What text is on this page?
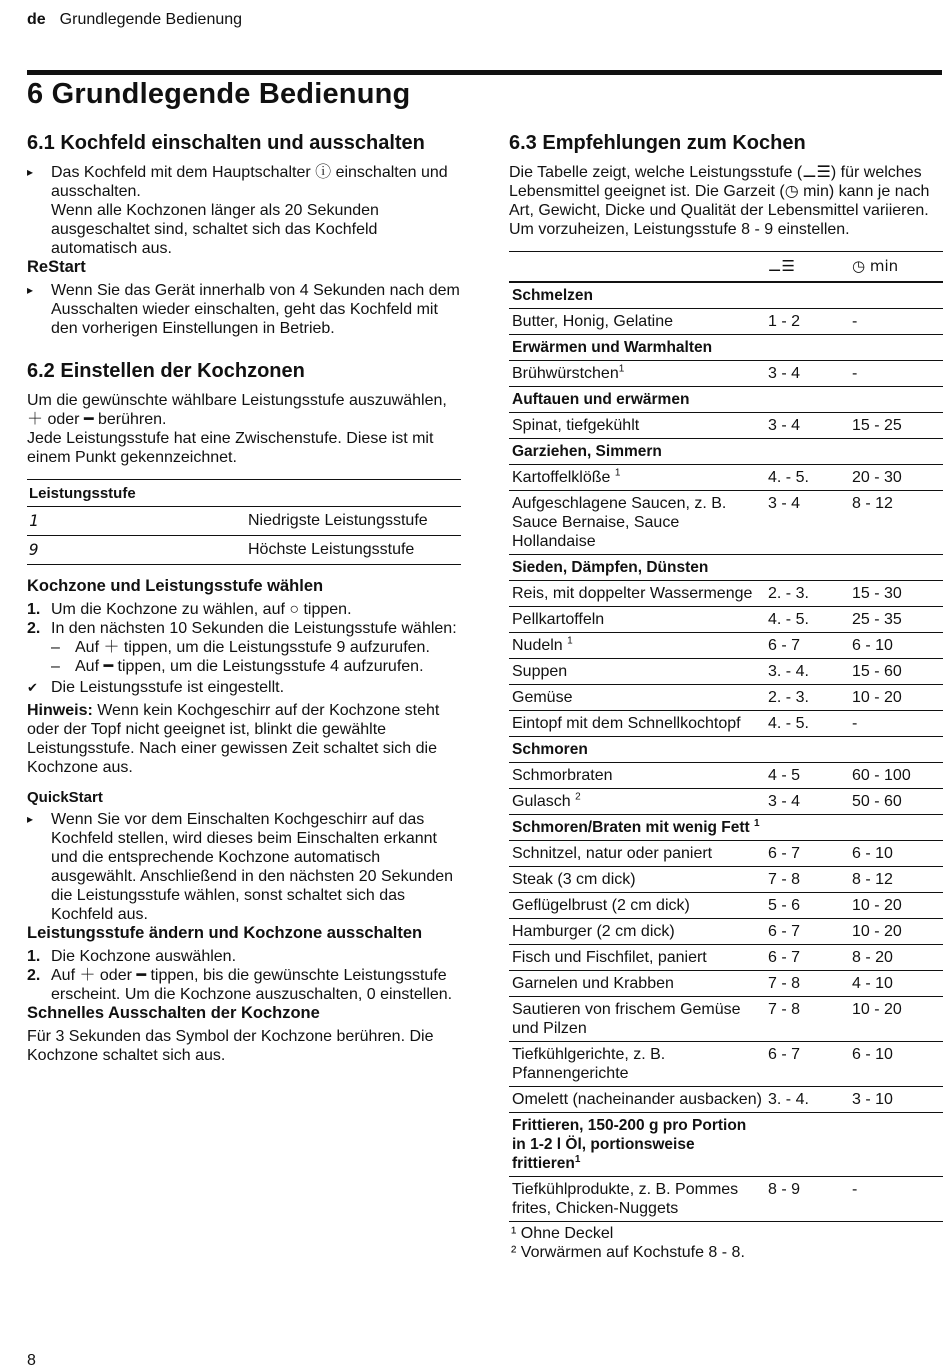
de Grundlegende Bedienung
6 Grundlegende Bedienung
6.1 Kochfeld einschalten und ausschalten
▸ Das Kochfeld mit dem Hauptschalter ⓘ einschalten und ausschalten.
Wenn alle Kochzonen länger als 20 Sekunden ausgeschaltet sind, schaltet sich das Kochfeld automatisch aus.
ReStart
▸ Wenn Sie das Gerät innerhalb von 4 Sekunden nach dem Ausschalten wieder einschalten, geht das Kochfeld mit den vorherigen Einstellungen in Betrieb.
6.2 Einstellen der Kochzonen

Um die gewünschte wählbare Leistungsstufe auszuwählen, ＋ oder ━ berühren.

Jede Leistungsstufe hat eine Zwischenstufe. Diese ist mit einem Punkt gekennzeichnet.

Leistungsstufe	
1	Niedrigste Leistungsstufe
9	Höchste Leistungsstufe
Kochzone und Leistungsstufe wählen
1. Um die Kochzone zu wählen, auf ○ tippen.
2. In den nächsten 10 Sekunden die Leistungsstufe wählen:
– Auf ＋ tippen, um die Leistungsstufe 9 aufzurufen.
– Auf ━ tippen, um die Leistungsstufe 4 aufzurufen.
✔ Die Leistungsstufe ist eingestellt.

Hinweis: Wenn kein Kochgeschirr auf der Kochzone steht oder der Topf nicht geeignet ist, blinkt die gewählte Leistungsstufe. Nach einer gewissen Zeit schaltet sich die Kochzone aus.

QuickStart
▸ Wenn Sie vor dem Einschalten Kochgeschirr auf das Kochfeld stellen, wird dieses beim Einschalten erkannt und die entsprechende Kochzone automatisch ausgewählt. Anschließend in den nächsten 20 Sekunden die Leistungsstufe wählen, sonst schaltet sich das Kochfeld aus.
Leistungsstufe ändern und Kochzone ausschalten
1. Die Kochzone auswählen.
2. Auf ＋ oder ━ tippen, bis die gewünschte Leistungsstufe erscheint. Um die Kochzone auszuschalten, 0 einstellen.
Schnelles Ausschalten der Kochzone

Für 3 Sekunden das Symbol der Kochzone berühren. Die Kochzone schaltet sich aus.

6.3 Empfehlungen zum Kochen

Die Tabelle zeigt, welche Leistungsstufe (⚊☰) für welches Lebensmittel geeignet ist. Die Garzeit (◷ min) kann je nach Art, Gewicht, Dicke und Qualität der Lebensmittel variieren. Um vorzuheizen, Leistungsstufe 8 - 9 einstellen.

	⚊☰	◷ min
Schmelzen		
Butter, Honig, Gelatine	1 - 2	-
Erwärmen und Warmhalten		
Brühwürstchen$^1$	3 - 4	-
Auftauen und erwärmen		
Spinat, tiefgekühlt	3 - 4	15 - 25
Garziehen, Simmern		
Kartoffelklöße $^1$	4. - 5.	20 - 30
Aufgeschlagene Saucen, z. B. Sauce Bernaise, Sauce Hollandaise	3 - 4	8 - 12
Sieden, Dämpfen, Dünsten		
Reis, mit doppelter Wassermenge	2. - 3.	15 - 30
Pellkartoffeln	4. - 5.	25 - 35
Nudeln $^1$	6 - 7	6 - 10
Suppen	3. - 4.	15 - 60
Gemüse	2. - 3.	10 - 20
Eintopf mit dem Schnellkochtopf	4. - 5.	-
Schmoren		
Schmorbraten	4 - 5	60 - 100
Gulasch $^2$	3 - 4	50 - 60
Schmoren/Braten mit wenig Fett $^1$		
Schnitzel, natur oder paniert	6 - 7	6 - 10
Steak (3 cm dick)	7 - 8	8 - 12
Geflügelbrust (2 cm dick)	5 - 6	10 - 20
Hamburger (2 cm dick)	6 - 7	10 - 20
Fisch und Fischfilet, paniert	6 - 7	8 - 20
Garnelen und Krabben	7 - 8	4 - 10
Sautieren von frischem Gemüse und Pilzen	7 - 8	10 - 20
Tiefkühlgerichte, z. B. Pfannengerichte	6 - 7	6 - 10
Omelett (nacheinander ausbacken)	3. - 4.	3 - 10
Frittieren, 150-200 g pro Portion in 1-2 l Öl, portionsweise frittieren$^1$		
Tiefkühlprodukte, z. B. Pommes frites, Chicken-Nuggets	8 - 9	-
¹ Ohne Deckel
² Vorwärmen auf Kochstufe 8 - 8.
8
